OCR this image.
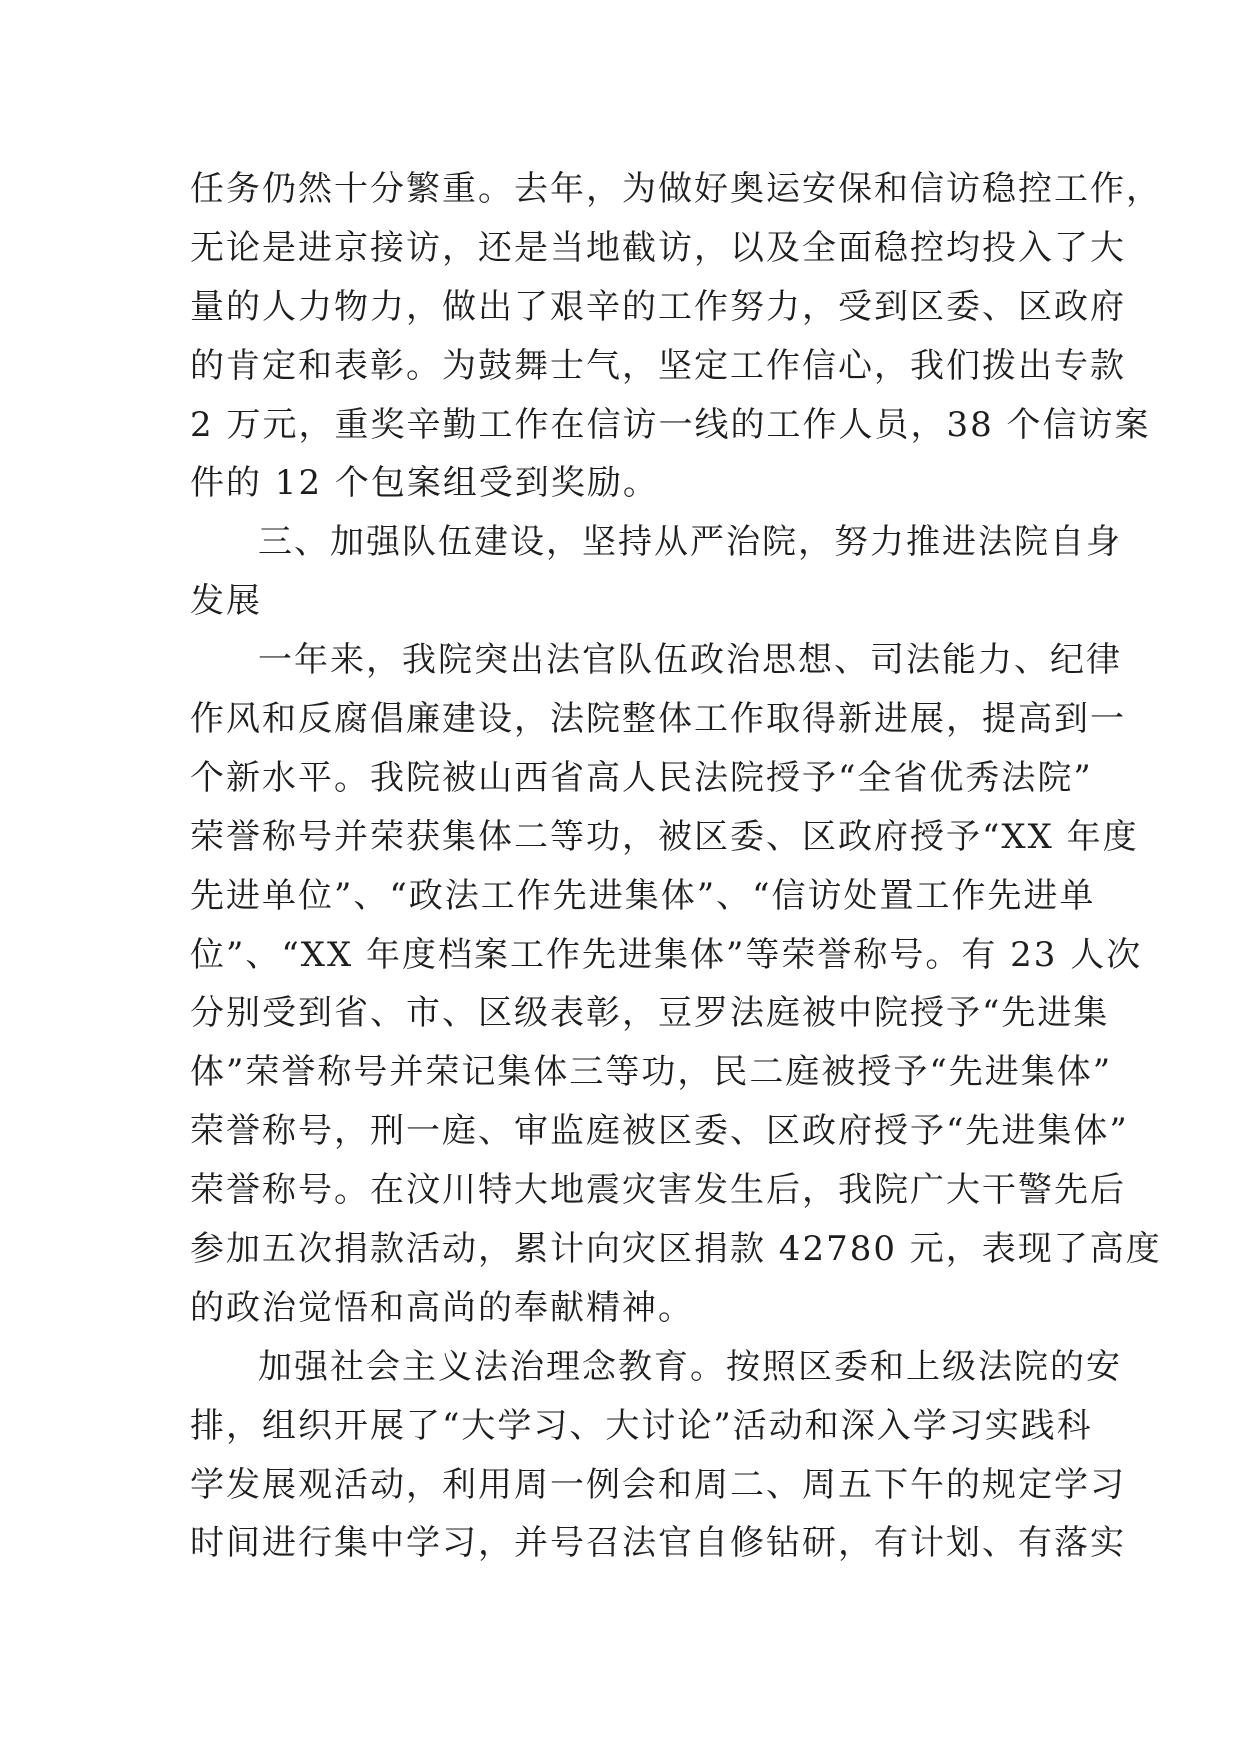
任务仍然十分繁重。去年，为做好奥运安保和信访稳控工作，
无论是进京接访，还是当地截访，以及全面稳控均投入了大
量的人力物力，做出了艰辛的工作努力，受到区委、区政府
的肯定和表彰。为鼓舞士气，坚定工作信心，我们拨出专款
2 万元，重奖辛勤工作在信访一线的工作人员，38 个信访案
件的 12 个包案组受到奖励。
三、加强队伍建设，坚持从严治院，努力推进法院自身
发展
一年来，我院突出法官队伍政治思想、司法能力、纪律
作风和反腐倡廉建设，法院整体工作取得新进展，提高到一
个新水平。我院被山西省高人民法院授予“全省优秀法院”
荣誉称号并荣获集体二等功，被区委、区政府授予“XX 年度
先进单位”、“政法工作先进集体”、“信访处置工作先进单
位”、“XX 年度档案工作先进集体”等荣誉称号。有 23 人次
分别受到省、市、区级表彰，豆罗法庭被中院授予“先进集
体”荣誉称号并荣记集体三等功，民二庭被授予“先进集体”
荣誉称号，刑一庭、审监庭被区委、区政府授予“先进集体”
荣誉称号。在汶川特大地震灾害发生后，我院广大干警先后
参加五次捐款活动，累计向灾区捐款 42780 元，表现了高度
的政治觉悟和高尚的奉献精神。
加强社会主义法治理念教育。按照区委和上级法院的安
排，组织开展了“大学习、大讨论”活动和深入学习实践科
学发展观活动，利用周一例会和周二、周五下午的规定学习
时间进行集中学习，并号召法官自修钻研，有计划、有落实
